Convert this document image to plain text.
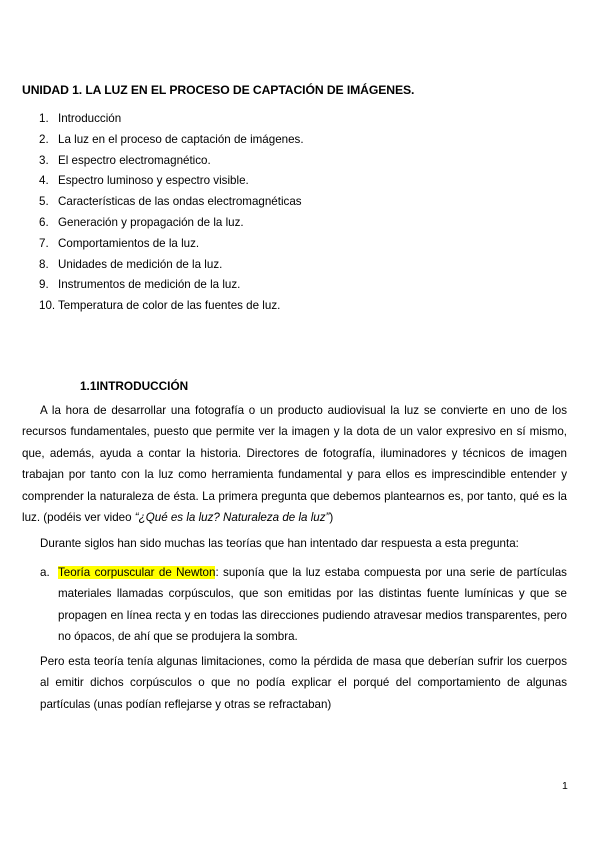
UNIDAD 1. LA LUZ EN EL PROCESO DE CAPTACIÓN DE IMÁGENES.
1. Introducción
2. La luz en el proceso de captación de imágenes.
3. El espectro electromagnético.
4. Espectro luminoso y espectro visible.
5. Características de las ondas electromagnéticas
6. Generación y propagación de la luz.
7. Comportamientos de la luz.
8. Unidades de medición de la luz.
9. Instrumentos de medición de la luz.
10. Temperatura de color de las fuentes de luz.
1.1INTRODUCCIÓN

A la hora de desarrollar una fotografía o un producto audiovisual la luz se convierte en uno de los recursos fundamentales, puesto que permite ver la imagen y la dota de un valor expresivo en sí mismo, que, además, ayuda a contar la historia. Directores de fotografía, iluminadores y técnicos de imagen trabajan por tanto con la luz como herramienta fundamental y para ellos es imprescindible entender y comprender la naturaleza de ésta. La primera pregunta que debemos plantearnos es, por tanto, qué es la luz. (podéis ver video “¿Qué es la luz? Naturaleza de la luz”)

Durante siglos han sido muchas las teorías que han intentado dar respuesta a esta pregunta:

a. Teoría corpuscular de Newton: suponía que la luz estaba compuesta por una serie de partículas materiales llamadas corpúsculos, que son emitidas por las distintas fuente lumínicas y que se propagen en línea recta y en todas las direcciones pudiendo atravesar medios transparentes, pero no ópacos, de ahí que se produjera la sombra.

Pero esta teoría tenía algunas limitaciones, como la pérdida de masa que deberían sufrir los cuerpos al emitir dichos corpúsculos o que no podía explicar el porqué del comportamiento de algunas partículas (unas podían reflejarse y otras se refractaban)

1
